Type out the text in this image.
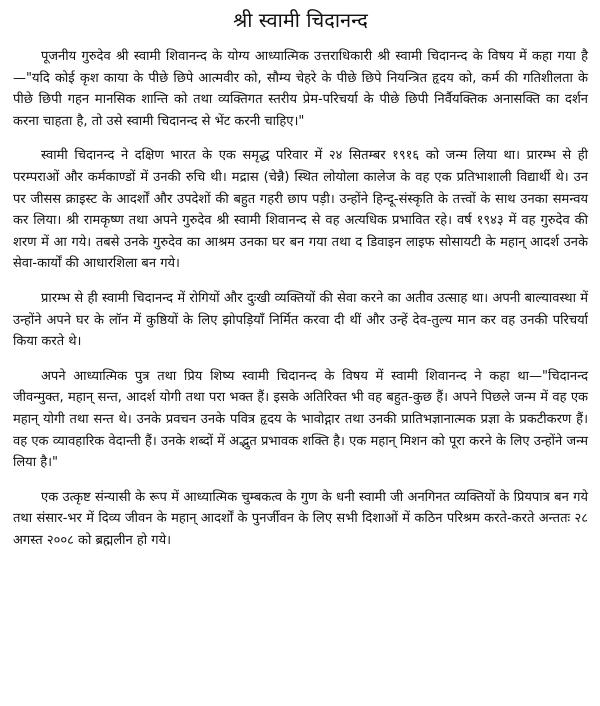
श्री स्वामी चिदानन्द

पूजनीय गुरुदेव श्री स्वामी शिवानन्द के योग्य आध्यात्मिक उत्तराधिकारी श्री स्वामी चिदानन्द के विषय में कहा गया है—"यदि कोई कृश काया के पीछे छिपे आत्मवीर को, सौम्य चेहरे के पीछे छिपे नियन्त्रित हृदय को, कर्म की गतिशीलता के पीछे छिपी गहन मानसिक शान्ति को तथा व्यक्तिगत स्तरीय प्रेम-परिचर्या के पीछे छिपी निर्वैयक्तिक अनासक्ति का दर्शन करना चाहता है, तो उसे स्वामी चिदानन्द से भेंट करनी चाहिए।"

स्वामी चिदानन्द ने दक्षिण भारत के एक समृद्ध परिवार में २४ सितम्बर १९१६ को जन्म लिया था। प्रारम्भ से ही परम्पराओं और कर्मकाण्डों में उनकी रुचि थी। मद्रास (चेन्नै) स्थित लोयोला कालेज के वह एक प्रतिभाशाली विद्यार्थी थे। उन पर जीसस क्राइस्ट के आदर्शों और उपदेशों की बहुत गहरी छाप पड़ी। उन्होंने हिन्दू-संस्कृति के तत्त्वों के साथ उनका समन्वय कर लिया। श्री रामकृष्ण तथा अपने गुरुदेव श्री स्वामी शिवानन्द से वह अत्यधिक प्रभावित रहे। वर्ष १९४३ में वह गुरुदेव की शरण में आ गये। तबसे उनके गुरुदेव का आश्रम उनका घर बन गया तथा द डिवाइन लाइफ सोसायटी के महान् आदर्श उनके सेवा-कार्यों की आधारशिला बन गये।

प्रारम्भ से ही स्वामी चिदानन्द में रोगियों और दुःखी व्यक्तियों की सेवा करने का अतीव उत्साह था। अपनी बाल्यावस्था में उन्होंने अपने घर के लॉन में कुष्ठियों के लिए झोपड़ियाँ निर्मित करवा दी थीं और उन्हें देव-तुल्य मान कर वह उनकी परिचर्या किया करते थे।

अपने आध्यात्मिक पुत्र तथा प्रिय शिष्य स्वामी चिदानन्द के विषय में स्वामी शिवानन्द ने कहा था—"चिदानन्द जीवन्मुक्त, महान् सन्त, आदर्श योगी तथा परा भक्त हैं। इसके अतिरिक्त भी वह बहुत-कुछ हैं। अपने पिछले जन्म में वह एक महान् योगी तथा सन्त थे। उनके प्रवचन उनके पवित्र हृदय के भावोद्गार तथा उनकी प्रातिभज्ञानात्मक प्रज्ञा के प्रकटीकरण हैं। वह एक व्यावहारिक वेदान्ती हैं। उनके शब्दों में अद्भुत प्रभावक शक्ति है। एक महान् मिशन को पूरा करने के लिए उन्होंने जन्म लिया है।"

एक उत्कृष्ट संन्यासी के रूप में आध्यात्मिक चुम्बकत्व के गुण के धनी स्वामी जी अनगिनत व्यक्तियों के प्रियपात्र बन गये तथा संसार-भर में दिव्य जीवन के महान् आदर्शों के पुनर्जीवन के लिए सभी दिशाओं में कठिन परिश्रम करते-करते अन्ततः २८ अगस्त २००८ को ब्रह्मलीन हो गये।
